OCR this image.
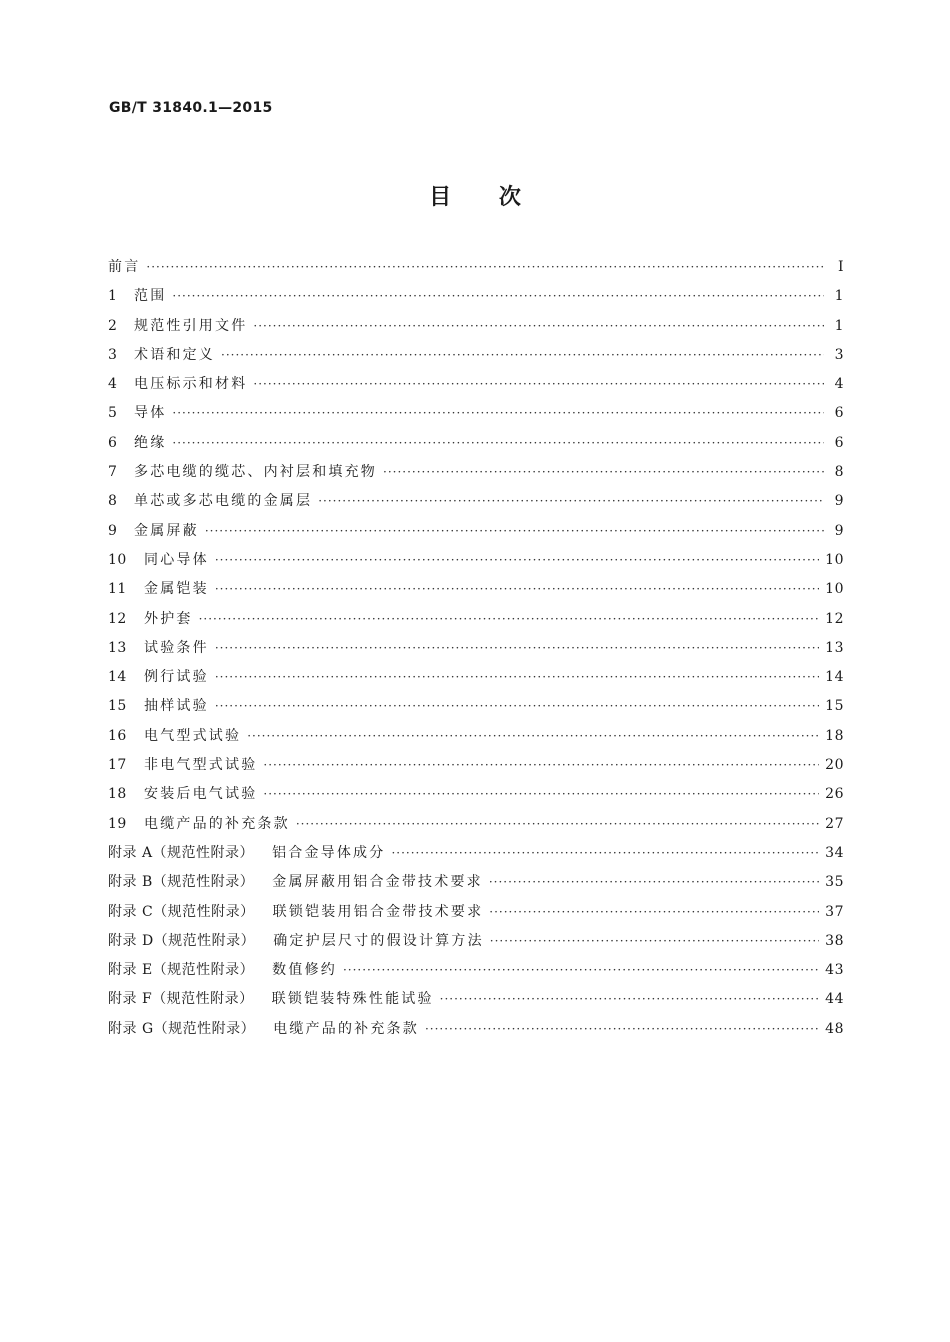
GB/T 31840.1—2015
目 次
前言 ·····	Ⅰ
1	范围 ·····	1
2	规范性引用文件 ·····	1
3	术语和定义 ·····	3
4	电压标示和材料 ·····	4
5	导体 ·····	6
6	绝缘 ·····	6
7	多芯电缆的缆芯、内衬层和填充物 ·····	8
8	单芯或多芯电缆的金属层 ·····	9
9	金属屏蔽 ·····	9
10	同心导体 ·····	10
11	金属铠装 ·····	10
12	外护套 ·····	12
13	试验条件 ·····	13
14	例行试验 ·····	14
15	抽样试验 ·····	15
16	电气型式试验 ·····	18
17	非电气型式试验 ·····	20
18	安装后电气试验 ·····	26
19	电缆产品的补充条款 ·····	27
附录 A（规范性附录） 铝合金导体成分 ·····	34
附录 B（规范性附录） 金属屏蔽用铝合金带技术要求 ·····	35
附录 C（规范性附录） 联锁铠装用铝合金带技术要求 ·····	37
附录 D（规范性附录） 确定护层尺寸的假设计算方法 ·····	38
附录 E（规范性附录） 数值修约 ·····	43
附录 F（规范性附录） 联锁铠装特殊性能试验 ·····	44
附录 G（规范性附录） 电缆产品的补充条款 ·····	48
